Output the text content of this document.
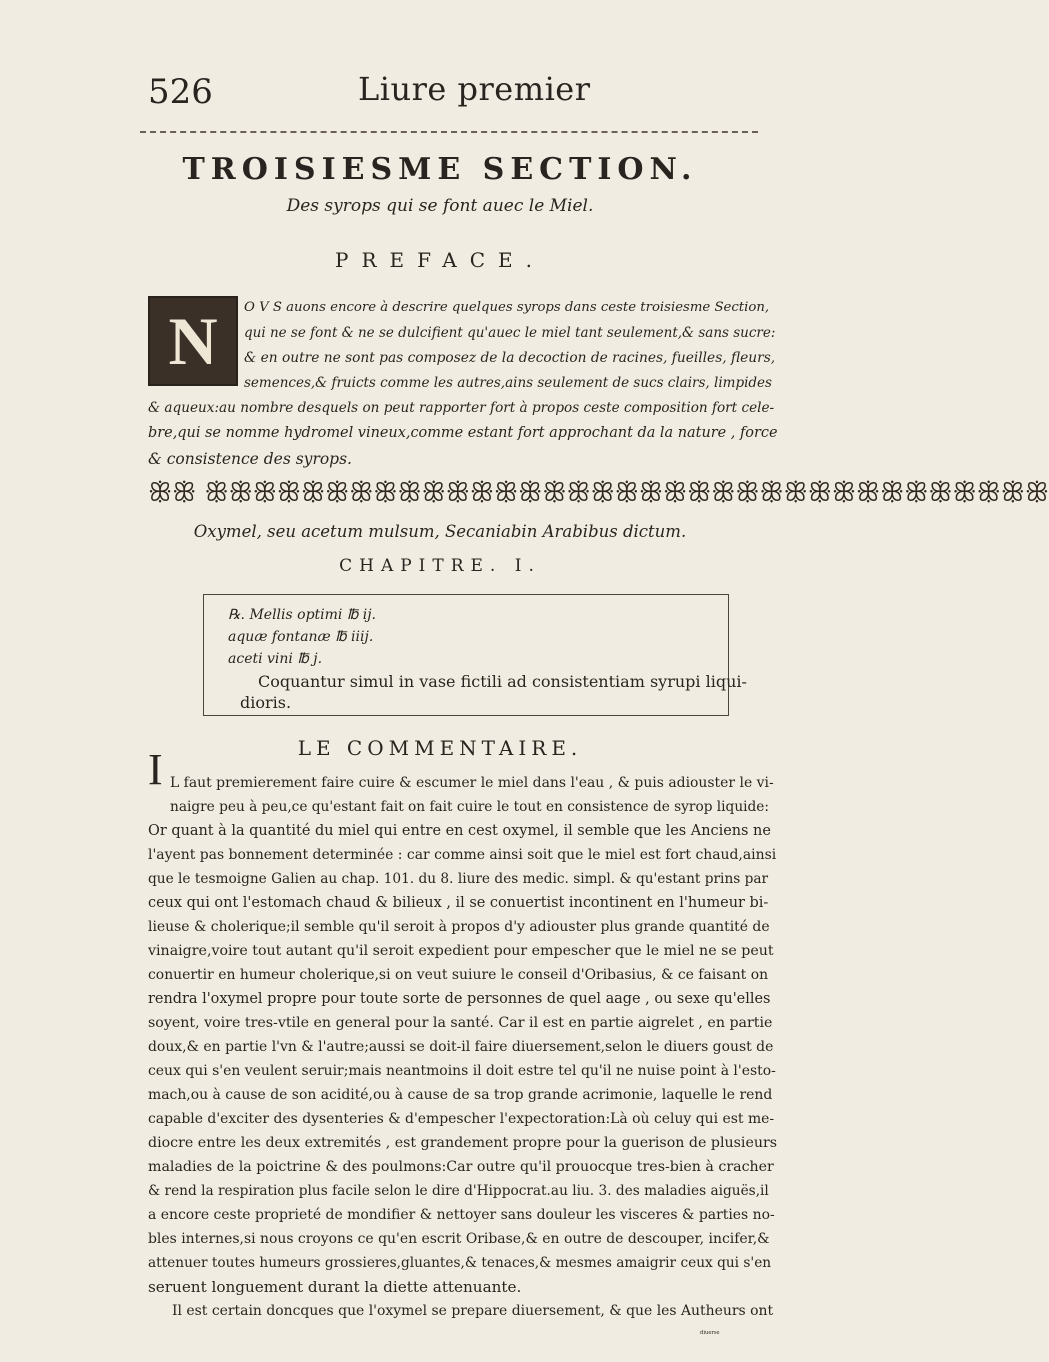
526	Liure premier
TROISIESME SECTION.
Des syrops qui se font auec le Miel.
PREFACE.
N	O V S auons encore à descrire quelques syrops dans ceste troisiesme Section,
qui ne se font & ne se dulcifient qu'auec le miel tant seulement,& sans sucre:
& en outre ne sont pas composez de la decoction de racines, fueilles, fleurs,
semences,& fruicts comme les autres,ains seulement de sucs clairs, limpides
& aqueux:au nombre desquels on peut rapporter fort à propos ceste composition fort cele-
bre,qui se nomme hydromel vineux,comme estant fort approchant da la nature , force
& consistence des syrops.
ꕥꕥ ꕥꕥꕥꕥꕥꕥꕥꕥꕥꕥꕥꕥꕥꕥꕥꕥꕥꕥꕥꕥꕥꕥꕥꕥꕥꕥꕥꕥꕥꕥꕥꕥꕥꕥꕥ
Oxymel, seu acetum mulsum, Secaniabin Arabibus dictum.
CHAPITRE. I.
℞. Mellis optimi ℔ ij.
aquæ fontanæ ℔ iiij.
aceti vini ℔ j.
Coquantur simul in vase fictili ad consistentiam syrupi liqui-
dioris.
LE COMMENTAIRE.
I L faut premierement faire cuire & escumer le miel dans l'eau , & puis adiouster le vi-
naigre peu à peu,ce qu'estant fait on fait cuire le tout en consistence de syrop liquide:
Or quant à la quantité du miel qui entre en cest oxymel, il semble que les Anciens ne
l'ayent pas bonnement determinée : car comme ainsi soit que le miel est fort chaud,ainsi
que le tesmoigne Galien au chap. 101. du 8. liure des medic. simpl. & qu'estant prins par
ceux qui ont l'estomach chaud & bilieux , il se conuertist incontinent en l'humeur bi-
lieuse & cholerique;il semble qu'il seroit à propos d'y adiouster plus grande quantité de
vinaigre,voire tout autant qu'il seroit expedient pour empescher que le miel ne se peut
conuertir en humeur cholerique,si on veut suiure le conseil d'Oribasius, & ce faisant on
rendra l'oxymel propre pour toute sorte de personnes de quel aage , ou sexe qu'elles
soyent, voire tres-vtile en general pour la santé. Car il est en partie aigrelet , en partie
doux,& en partie l'vn & l'autre;aussi se doit-il faire diuersement,selon le diuers goust de
ceux qui s'en veulent seruir;mais neantmoins il doit estre tel qu'il ne nuise point à l'esto-
mach,ou à cause de son acidité,ou à cause de sa trop grande acrimonie, laquelle le rend
capable d'exciter des dysenteries & d'empescher l'expectoration:Là où celuy qui est me-
diocre entre les deux extremités , est grandement propre pour la guerison de plusieurs
maladies de la poictrine & des poulmons:Car outre qu'il prouocque tres-bien à cracher
& rend la respiration plus facile selon le dire d'Hippocrat.au liu. 3. des maladies aiguës,il
a encore ceste proprieté de mondifier & nettoyer sans douleur les visceres & parties no-
bles internes,si nous croyons ce qu'en escrit Oribase,& en outre de descouper, incifer,&
attenuer toutes humeurs grossieres,gluantes,& tenaces,& mesmes amaigrir ceux qui s'en
seruent longuement durant la diette attenuante.
Il est certain doncques que l'oxymel se prepare diuersement, & que les Autheurs ont
diuerse
